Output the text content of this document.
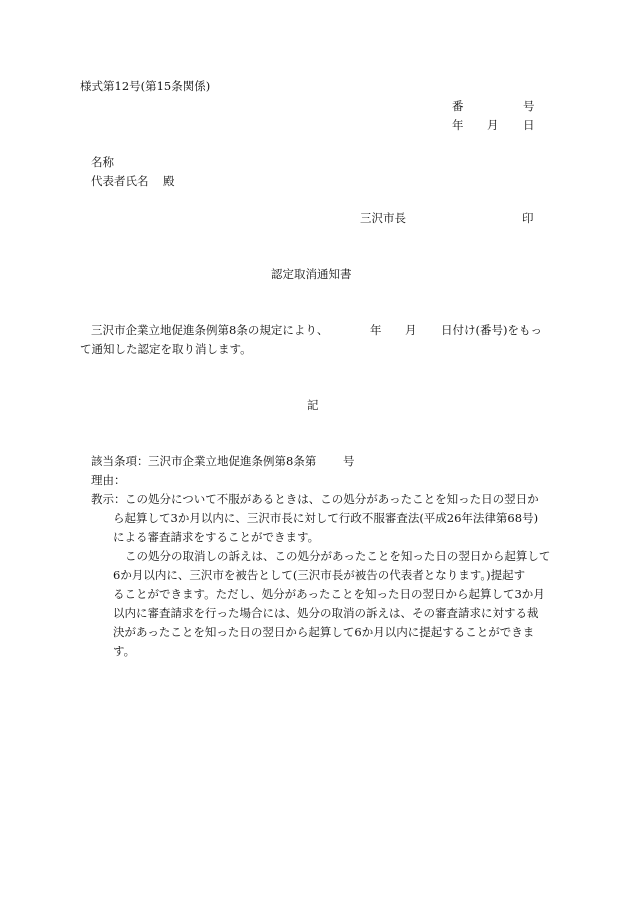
様式第12号(第15条関係)
番	号
年 月 日
名称
代表者氏名 殿
三沢市長	印
認定取消通知書
三沢市企業立地促進条例第8条の規定により、	年 月 日付け(番号)をもっ
て通知した認定を取り消します。
記
該当条項： 三沢市企業立地促進条例第8条第 号
理由：
教示： この処分について不服があるときは、この処分があったことを知った日の翌日か
ら起算して3か月以内に、三沢市長に対して行政不服審査法(平成26年法律第68号)
による審査請求をすることができます。
この処分の取消しの訴えは、この処分があったことを知った日の翌日から起算して
6か月以内に、三沢市を被告として(三沢市長が被告の代表者となります。)提起す
ることができます。ただし、処分があったことを知った日の翌日から起算して3か月
以内に審査請求を行った場合には、処分の取消の訴えは、その審査請求に対する裁
決があったことを知った日の翌日から起算して6か月以内に提起することができま
す。
